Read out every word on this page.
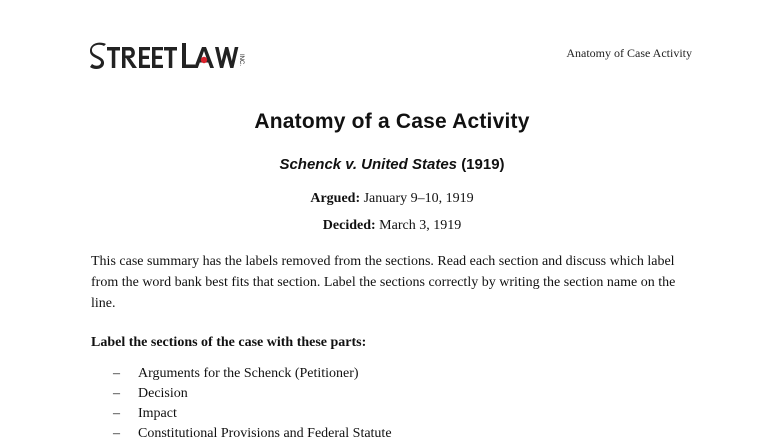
INC.	Anatomy of Case Activity
Anatomy of a Case Activity
Schenck v. United States (1919)
Argued: January 9–10, 1919
Decided: March 3, 1919
This case summary has the labels removed from the sections. Read each section and discuss which label from the word bank best fits that section. Label the sections correctly by writing the section name on the line.
Label the sections of the case with these parts:
– Arguments for the Schenck (Petitioner)
– Decision
– Impact
– Constitutional Provisions and Federal Statute
